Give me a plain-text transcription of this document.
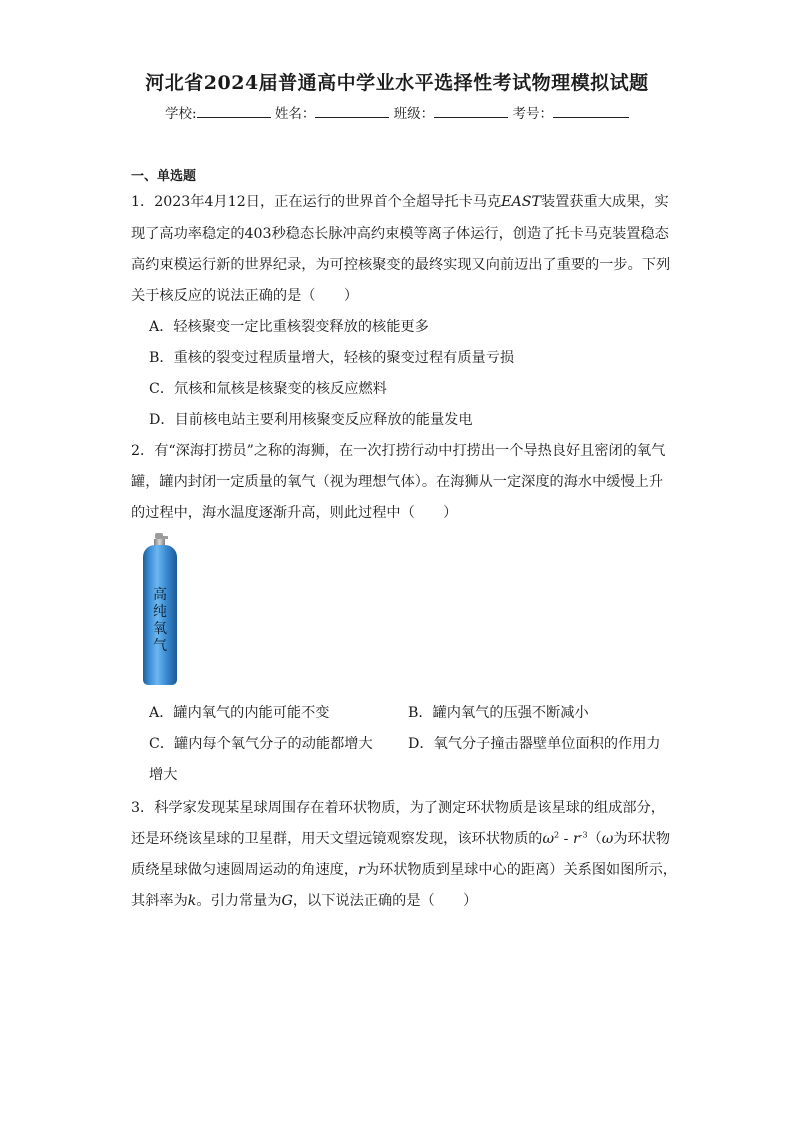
河北省2024届普通高中学业水平选择性考试物理模拟试题
学校:	姓名：	班级：	考号：
一、单选题
1．2023年4月12日，正在运行的世界首个全超导托卡马克EAST装置获重大成果，实
现了高功率稳定的403秒稳态长脉冲高约束模等离子体运行，创造了托卡马克装置稳态
高约束模运行新的世界纪录，为可控核聚变的最终实现又向前迈出了重要的一步。下列
关于核反应的说法正确的是（　　）
A．轻核聚变一定比重核裂变释放的核能更多
B．重核的裂变过程质量增大，轻核的聚变过程有质量亏损
C．氘核和氚核是核聚变的核反应燃料
D．目前核电站主要利用核聚变反应释放的能量发电
2．有“深海打捞员”之称的海狮，在一次打捞行动中打捞出一个导热良好且密闭的氧气
罐，罐内封闭一定质量的氧气（视为理想气体）。在海狮从一定深度的海水中缓慢上升
的过程中，海水温度逐渐升高，则此过程中（　　）
高纯氧气
A．罐内氧气的内能可能不变	B．罐内氧气的压强不断减小
C．罐内每个氧气分子的动能都增大 D．氧气分子撞击器壁单位面积的作用力
增大
3．科学家发现某星球周围存在着环状物质，为了测定环状物质是该星球的组成部分，
还是环绕该星球的卫星群，用天文望远镜观察发现，该环状物质的$\omega^2 - r^{-3}(\omega$为环状物
质绕星球做匀速圆周运动的角速度，r为环状物质到星球中心的距离）关系图如图所示，
其斜率为k。引力常量为G，以下说法正确的是（　　）
